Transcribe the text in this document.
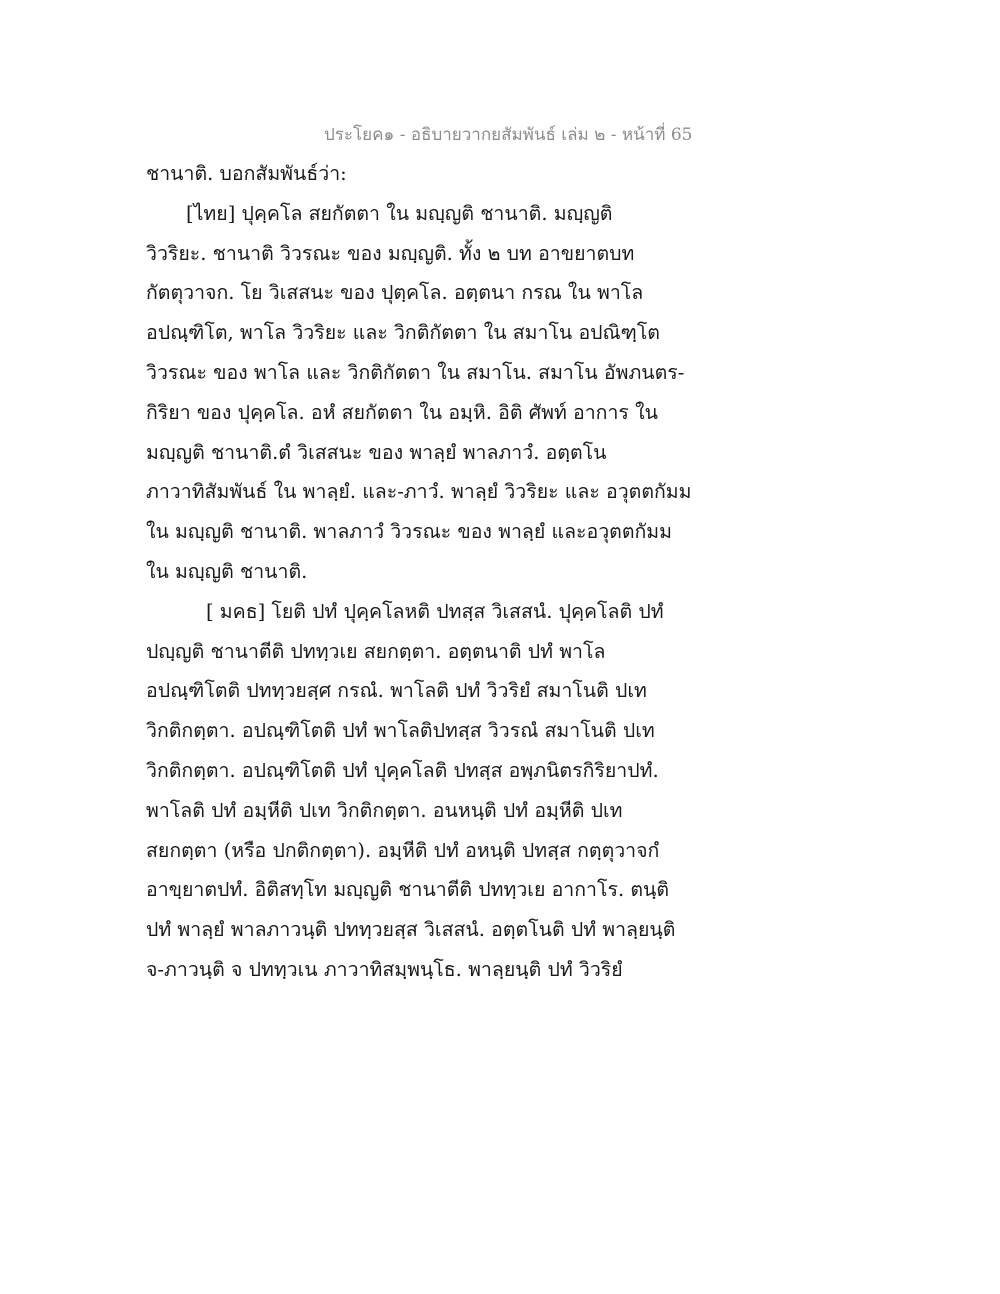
ประโยค๑ - อธิบายวากยสัมพันธ์ เล่ม ๒ - หน้าที่ 65
ชานาติ. บอกสัมพันธ์ว่า:
[ไทย] ปุคฺคโล สยกัตตา ใน มญฺญติ ชานาติ. มญฺญติ
วิวริยะ. ชานาติ วิวรณะ ของ มญฺญติ. ทั้ง ๒ บท อาขยาตบท
กัตตุวาจก. โย วิเสสนะ ของ ปุตฺคโล. อตฺตนา กรณ ใน พาโล
อปณฺฑิโต, พาโล วิวริยะ และ วิกติกัตตา ใน สมาโน อปณิฑฺโต
วิวรณะ ของ พาโล และ วิกติกัตตา ใน สมาโน. สมาโน อัพภนตร-
กิริยา ของ ปุคฺคโล. อหํ สยกัตตา ใน อมฺหิ. อิติ ศัพท์ อาการ ใน
มญฺญติ ชานาติ.ตํ วิเสสนะ ของ พาลฺยํ พาลภาวํ. อตฺตโน
ภาวาทิสัมพันธ์ ใน พาลฺยํ. และ-ภาวํ. พาลฺยํ วิวริยะ และ อวุตตกัมม
ใน มญฺญติ ชานาติ. พาลภาวํ วิวรณะ ของ พาลฺยํ และอวุตตกัมม
ใน มญฺญติ ชานาติ.
[ มคธ] โยติ ปทํ ปุคฺคโลหติ ปทสฺส วิเสสนํ. ปุคฺคโลติ ปทํ
ปญฺญติ ชานาตีติ ปททฺวเย สยกตฺตา. อตฺตนาติ ปทํ พาโล
อปณฺฑิโตติ ปททฺวยสฺศ กรณํ. พาโลติ ปทํ วิวริยํ สมาโนติ ปเท
วิกติกตฺตา. อปณฺฑิโตติ ปทํ พาโลติปทสฺส วิวรณํ สมาโนติ ปเท
วิกติกตฺตา. อปณฺฑิโตติ ปทํ ปุคฺคโลติ ปทสฺส อพฺภนิตรกิริยาปทํ.
พาโลติ ปทํ อมฺหีติ ปเท วิกติกตฺตา. อนหนฺติ ปทํ อมฺหีติ ปเท
สยกตฺตา (หรือ ปกติกตฺตา). อมฺหีติ ปทํ อหนฺติ ปทสฺส กตฺตุวาจกํ
อาขฺยาตปทํ. อิติสทฺโท มญฺญติ ชานาตีติ ปททฺวเย อากาโร. ตนฺติ
ปทํ พาลฺยํ พาลภาวนฺติ ปททฺวยสฺส วิเสสนํ. อตฺตโนติ ปทํ พาลฺยนฺติ
จ-ภาวนฺติ จ ปททฺวเน ภาวาทิสมฺพนฺโธ. พาลฺยนฺติ ปทํ วิวริยํ
